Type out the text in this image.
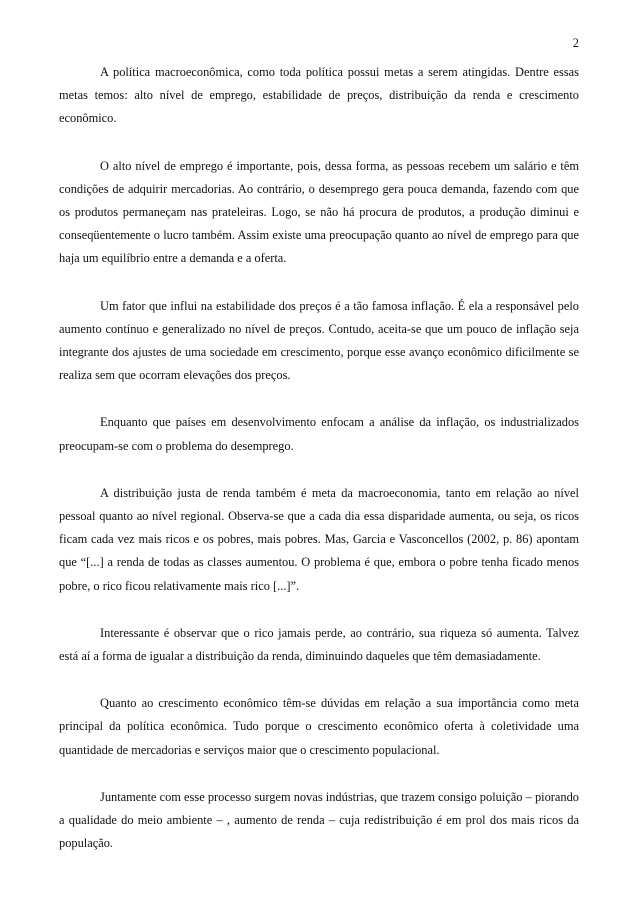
2

A política macroeconômica, como toda política possui metas a serem atingidas. Dentre essas metas temos: alto nível de emprego, estabilidade de preços, distribuição da renda e crescimento econômico.

O alto nível de emprego é importante, pois, dessa forma, as pessoas recebem um salário e têm condições de adquirir mercadorias. Ao contrário, o desemprego gera pouca demanda, fazendo com que os produtos permaneçam nas prateleiras. Logo, se não há procura de produtos, a produção diminui e conseqüentemente o lucro também. Assim existe uma preocupação quanto ao nível de emprego para que haja um equilíbrio entre a demanda e a oferta.

Um fator que influi na estabilidade dos preços é a tão famosa inflação. É ela a responsável pelo aumento contínuo e generalizado no nível de preços. Contudo, aceita-se que um pouco de inflação seja integrante dos ajustes de uma sociedade em crescimento, porque esse avanço econômico dificilmente se realiza sem que ocorram elevações dos preços.

Enquanto que países em desenvolvimento enfocam a análise da inflação, os industrializados preocupam-se com o problema do desemprego.

A distribuição justa de renda também é meta da macroeconomia, tanto em relação ao nível pessoal quanto ao nível regional. Observa-se que a cada dia essa disparidade aumenta, ou seja, os ricos ficam cada vez mais ricos e os pobres, mais pobres. Mas, Garcia e Vasconcellos (2002, p. 86) apontam que “[...] a renda de todas as classes aumentou. O problema é que, embora o pobre tenha ficado menos pobre, o rico ficou relativamente mais rico [...]”.

Interessante é observar que o rico jamais perde, ao contrário, sua riqueza só aumenta. Talvez está aí a forma de igualar a distribuição da renda, diminuindo daqueles que têm demasiadamente.

Quanto ao crescimento econômico têm-se dúvidas em relação a sua importância como meta principal da política econômica. Tudo porque o crescimento econômico oferta à coletividade uma quantidade de mercadorias e serviços maior que o crescimento populacional.

Juntamente com esse processo surgem novas indústrias, que trazem consigo poluição – piorando a qualidade do meio ambiente – , aumento de renda – cuja redistribuição é em prol dos mais ricos da população.
